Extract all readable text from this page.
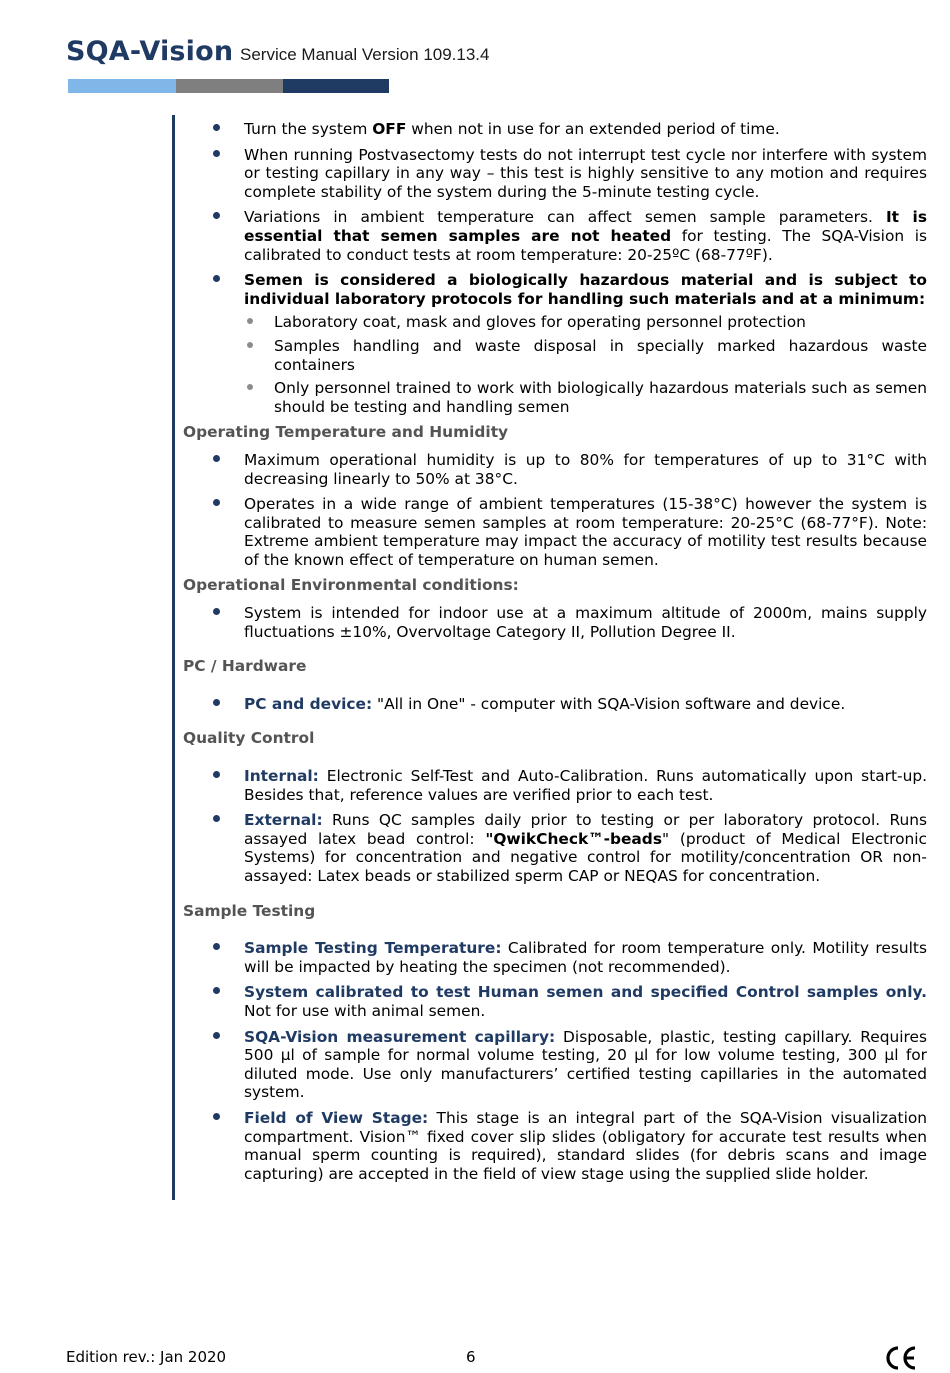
SQA-Vision Service Manual Version 109.13.4
Turn the system OFF when not in use for an extended period of time.
When running Postvasectomy tests do not interrupt test cycle nor interfere with system or testing capillary in any way – this test is highly sensitive to any motion and requires complete stability of the system during the 5-minute testing cycle.
Variations in ambient temperature can affect semen sample parameters. It is essential that semen samples are not heated for testing. The SQA-Vision is calibrated to conduct tests at room temperature: 20-25ºC (68-77ºF).
Semen is considered a biologically hazardous material and is subject to individual laboratory protocols for handling such materials and at a minimum:
Laboratory coat, mask and gloves for operating personnel protection
Samples handling and waste disposal in specially marked hazardous waste containers
Only personnel trained to work with biologically hazardous materials such as semen should be testing and handling semen
Operating Temperature and Humidity
Maximum operational humidity is up to 80% for temperatures of up to 31°C with decreasing linearly to 50% at 38°C.
Operates in a wide range of ambient temperatures (15-38°C) however the system is calibrated to measure semen samples at room temperature: 20-25°C (68-77°F). Note: Extreme ambient temperature may impact the accuracy of motility test results because of the known effect of temperature on human semen.
Operational Environmental conditions:
System is intended for indoor use at a maximum altitude of 2000m, mains supply fluctuations ±10%, Overvoltage Category II, Pollution Degree II.
PC / Hardware
PC and device: "All in One" - computer with SQA-Vision software and device.
Quality Control
Internal: Electronic Self-Test and Auto-Calibration. Runs automatically upon start-up. Besides that, reference values are verified prior to each test.
External: Runs QC samples daily prior to testing or per laboratory protocol. Runs assayed latex bead control: "QwikCheck™-beads" (product of Medical Electronic Systems) for concentration and negative control for motility/concentration OR non-assayed: Latex beads or stabilized sperm CAP or NEQAS for concentration.
Sample Testing
Sample Testing Temperature: Calibrated for room temperature only. Motility results will be impacted by heating the specimen (not recommended).
System calibrated to test Human semen and specified Control samples only. Not for use with animal semen.
SQA-Vision measurement capillary: Disposable, plastic, testing capillary. Requires 500 µl of sample for normal volume testing, 20 µl for low volume testing, 300 µl for diluted mode. Use only manufacturers’ certified testing capillaries in the automated system.
Field of View Stage: This stage is an integral part of the SQA-Vision visualization compartment. Vision™ fixed cover slip slides (obligatory for accurate test results when manual sperm counting is required), standard slides (for debris scans and image capturing) are accepted in the field of view stage using the supplied slide holder.
Edition rev.: Jan 2020	6
